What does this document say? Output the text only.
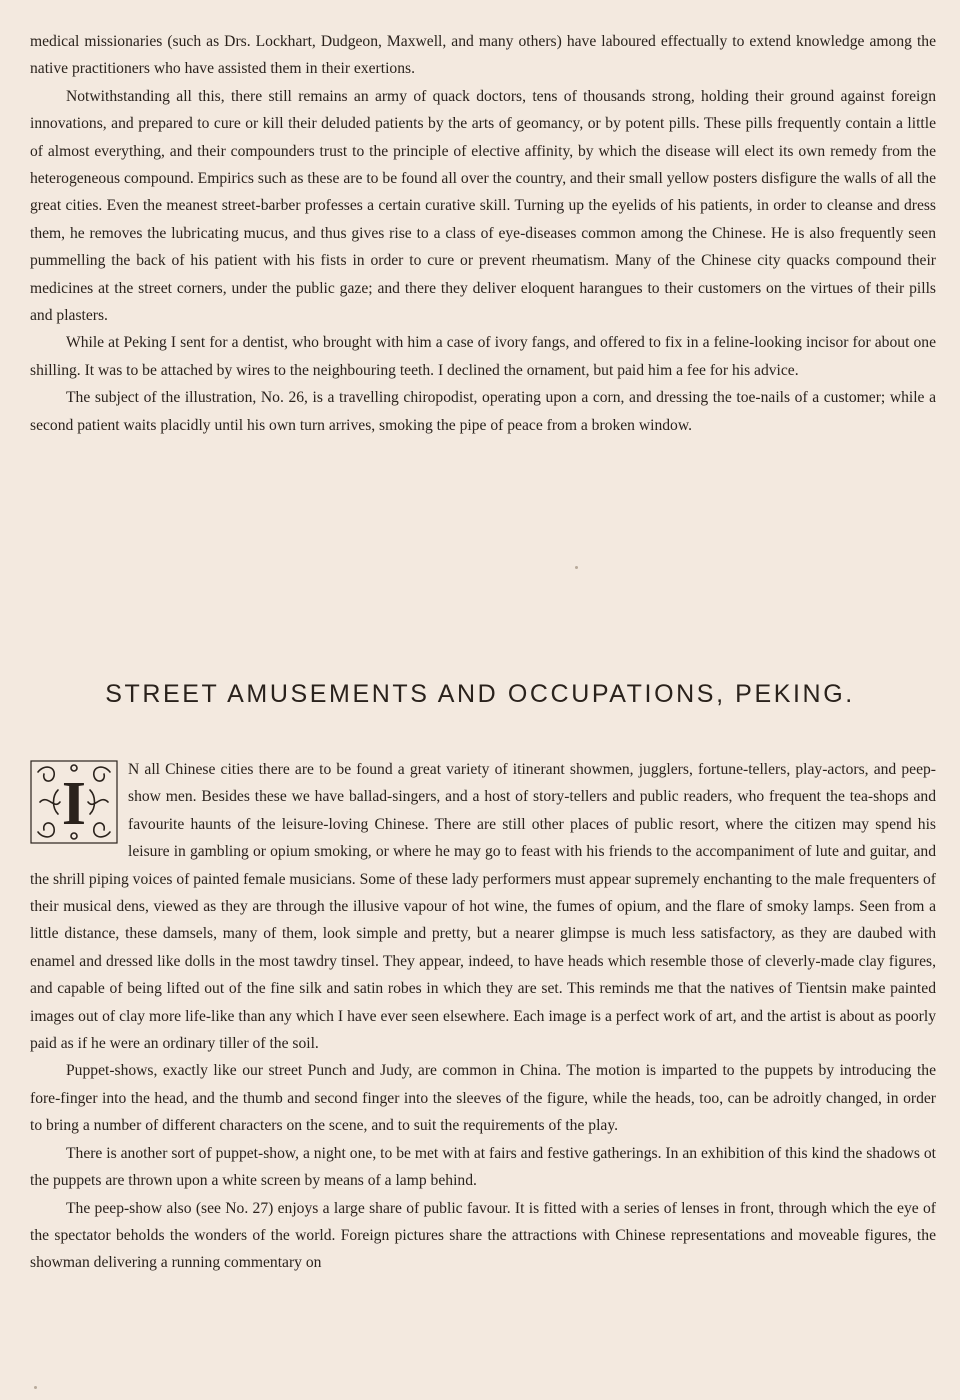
medical missionaries (such as Drs. Lockhart, Dudgeon, Maxwell, and many others) have laboured effectually to extend knowledge among the native practitioners who have assisted them in their exertions.

Notwithstanding all this, there still remains an army of quack doctors, tens of thousands strong, holding their ground against foreign innovations, and prepared to cure or kill their deluded patients by the arts of geomancy, or by potent pills. These pills frequently contain a little of almost everything, and their compounders trust to the principle of elective affinity, by which the disease will elect its own remedy from the heterogeneous compound. Empirics such as these are to be found all over the country, and their small yellow posters disfigure the walls of all the great cities. Even the meanest street-barber professes a certain curative skill. Turning up the eyelids of his patients, in order to cleanse and dress them, he removes the lubricating mucus, and thus gives rise to a class of eye-diseases common among the Chinese. He is also frequently seen pummelling the back of his patient with his fists in order to cure or prevent rheumatism. Many of the Chinese city quacks compound their medicines at the street corners, under the public gaze; and there they deliver eloquent harangues to their customers on the virtues of their pills and plasters.

While at Peking I sent for a dentist, who brought with him a case of ivory fangs, and offered to fix in a feline-looking incisor for about one shilling. It was to be attached by wires to the neighbouring teeth. I declined the ornament, but paid him a fee for his advice.

The subject of the illustration, No. 26, is a travelling chiropodist, operating upon a corn, and dressing the toe-nails of a customer; while a second patient waits placidly until his own turn arrives, smoking the pipe of peace from a broken window.

STREET AMUSEMENTS AND OCCUPATIONS, PEKING.
I

N all Chinese cities there are to be found a great variety of itinerant showmen, jugglers, fortune-tellers, play-actors, and peep-show men. Besides these we have ballad-singers, and a host of story-tellers and public readers, who frequent the tea-shops and favourite haunts of the leisure-loving Chinese. There are still other places of public resort, where the citizen may spend his leisure in gambling or opium smoking, or where he may go to feast with his friends to the accompaniment of lute and guitar, and the shrill piping voices of painted female musicians. Some of these lady performers must appear supremely enchanting to the male frequenters of their musical dens, viewed as they are through the illusive vapour of hot wine, the fumes of opium, and the flare of smoky lamps. Seen from a little distance, these damsels, many of them, look simple and pretty, but a nearer glimpse is much less satisfactory, as they are daubed with enamel and dressed like dolls in the most tawdry tinsel. They appear, indeed, to have heads which resemble those of cleverly-made clay figures, and capable of being lifted out of the fine silk and satin robes in which they are set. This reminds me that the natives of Tientsin make painted images out of clay more life-like than any which I have ever seen elsewhere. Each image is a perfect work of art, and the artist is about as poorly paid as if he were an ordinary tiller of the soil.

Puppet-shows, exactly like our street Punch and Judy, are common in China. The motion is imparted to the puppets by introducing the fore-finger into the head, and the thumb and second finger into the sleeves of the figure, while the heads, too, can be adroitly changed, in order to bring a number of different characters on the scene, and to suit the requirements of the play.

There is another sort of puppet-show, a night one, to be met with at fairs and festive gatherings. In an exhibition of this kind the shadows ot the puppets are thrown upon a white screen by means of a lamp behind.

The peep-show also (see No. 27) enjoys a large share of public favour. It is fitted with a series of lenses in front, through which the eye of the spectator beholds the wonders of the world. Foreign pictures share the attractions with Chinese representations and moveable figures, the showman delivering a running commentary on
